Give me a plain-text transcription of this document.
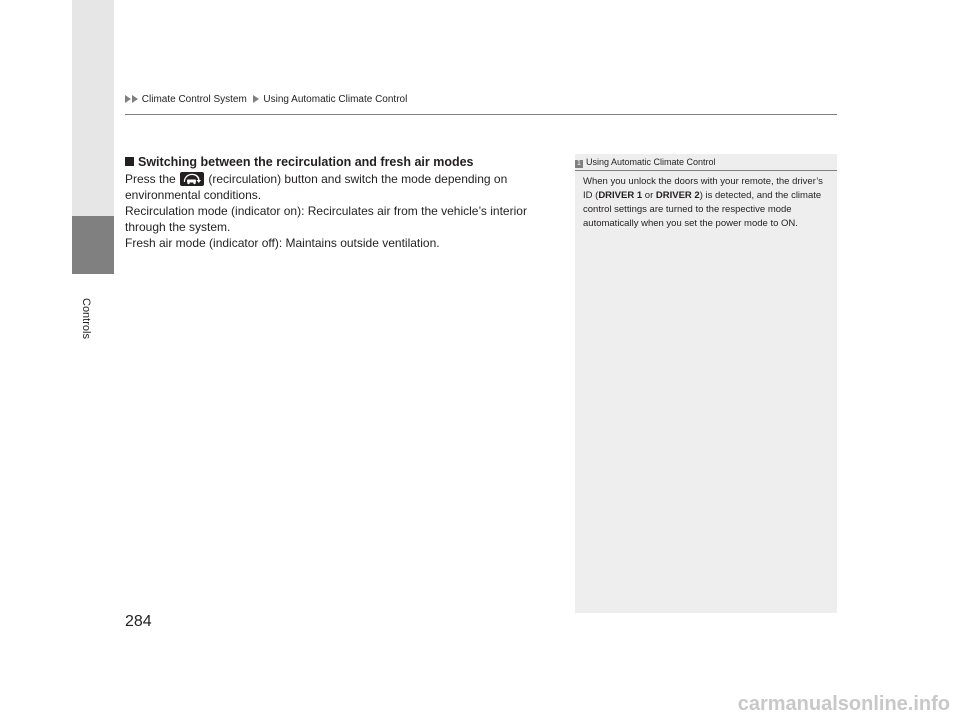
Controls
Climate Control System Using Automatic Climate Control
Switching between the recirculation and fresh air modes

Press the	(recirculation) button and switch the mode depending on environmental conditions.

Recirculation mode (indicator on): Recirculates air from the vehicle’s interior through the system.

Fresh air mode (indicator off): Maintains outside ventilation.

1 Using Automatic Climate Control
When you unlock the doors with your remote, the driver’s ID (DRIVER 1 or DRIVER 2) is detected, and the climate control settings are turned to the respective mode automatically when you set the power mode to ON.
284
carmanualsonline.info
